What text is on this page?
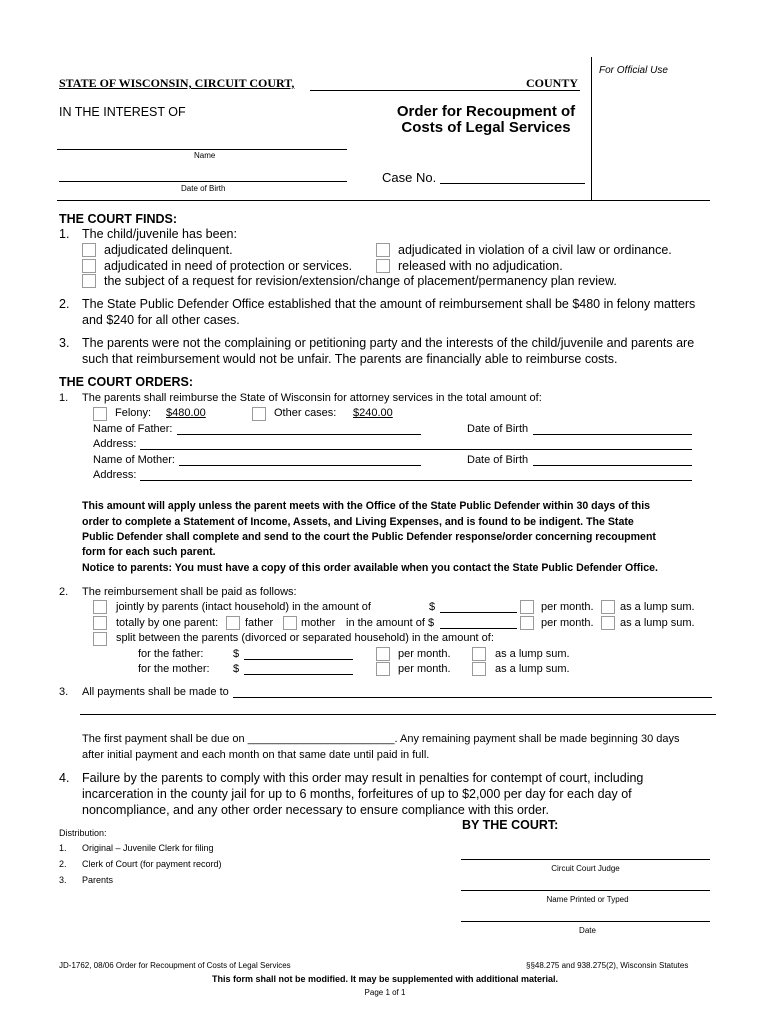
For Official Use
STATE OF WISCONSIN, CIRCUIT COURT,	COUNTY
IN THE INTEREST OF	Order for Recoupment of
Costs of Legal Services
Name
Date of Birth
Case No.
THE COURT FINDS:
1. The child/juvenile has been:
adjudicated delinquent.	adjudicated in violation of a civil law or ordinance.
adjudicated in need of protection or services.	released with no adjudication.
the subject of a request for revision/extension/change of placement/permanency plan review.
2. The State Public Defender Office established that the amount of reimbursement shall be $480 in felony matters
and $240 for all other cases.
3. The parents were not the complaining or petitioning party and the interests of the child/juvenile and parents are
such that reimbursement would not be unfair. The parents are financially able to reimburse costs.
THE COURT ORDERS:
1. The parents shall reimburse the State of Wisconsin for attorney services in the total amount of:
Felony: $480.00	Other cases: $240.00
Name of Father:	Date of Birth
Address:
Name of Mother:	Date of Birth
Address:
This amount will apply unless the parent meets with the Office of the State Public Defender within 30 days of this
order to complete a Statement of Income, Assets, and Living Expenses, and is found to be indigent. The State
Public Defender shall complete and send to the court the Public Defender response/order concerning recoupment
form for each such parent.
Notice to parents: You must have a copy of this order available when you contact the State Public Defender Office.
2. The reimbursement shall be paid as follows:
jointly by parents (intact household) in the amount of	$	per month. as a lump sum.
totally by one parent: father	mother in the amount of $	per month. as a lump sum.
split between the parents (divorced or separated household) in the amount of:
for the father:	$	per month.	as a lump sum.
for the mother: $	per month.	as a lump sum.
3. All payments shall be made to
The first payment shall be due on ________________________. Any remaining payment shall be made beginning 30 days
after initial payment and each month on that same date until paid in full.
4. Failure by the parents to comply with this order may result in penalties for contempt of court, including
incarceration in the county jail for up to 6 months, forfeitures of up to $2,000 per day for each day of
noncompliance, and any other order necessary to ensure compliance with this order.
BY THE COURT:
Circuit Court Judge
Name Printed or Typed
Date
Distribution:
1. Original – Juvenile Clerk for filing
2. Clerk of Court (for payment record)
3. Parents
JD-1762, 08/06 Order for Recoupment of Costs of Legal Services	§§48.275 and 938.275(2), Wisconsin Statutes
This form shall not be modified. It may be supplemented with additional material.
Page 1 of 1
